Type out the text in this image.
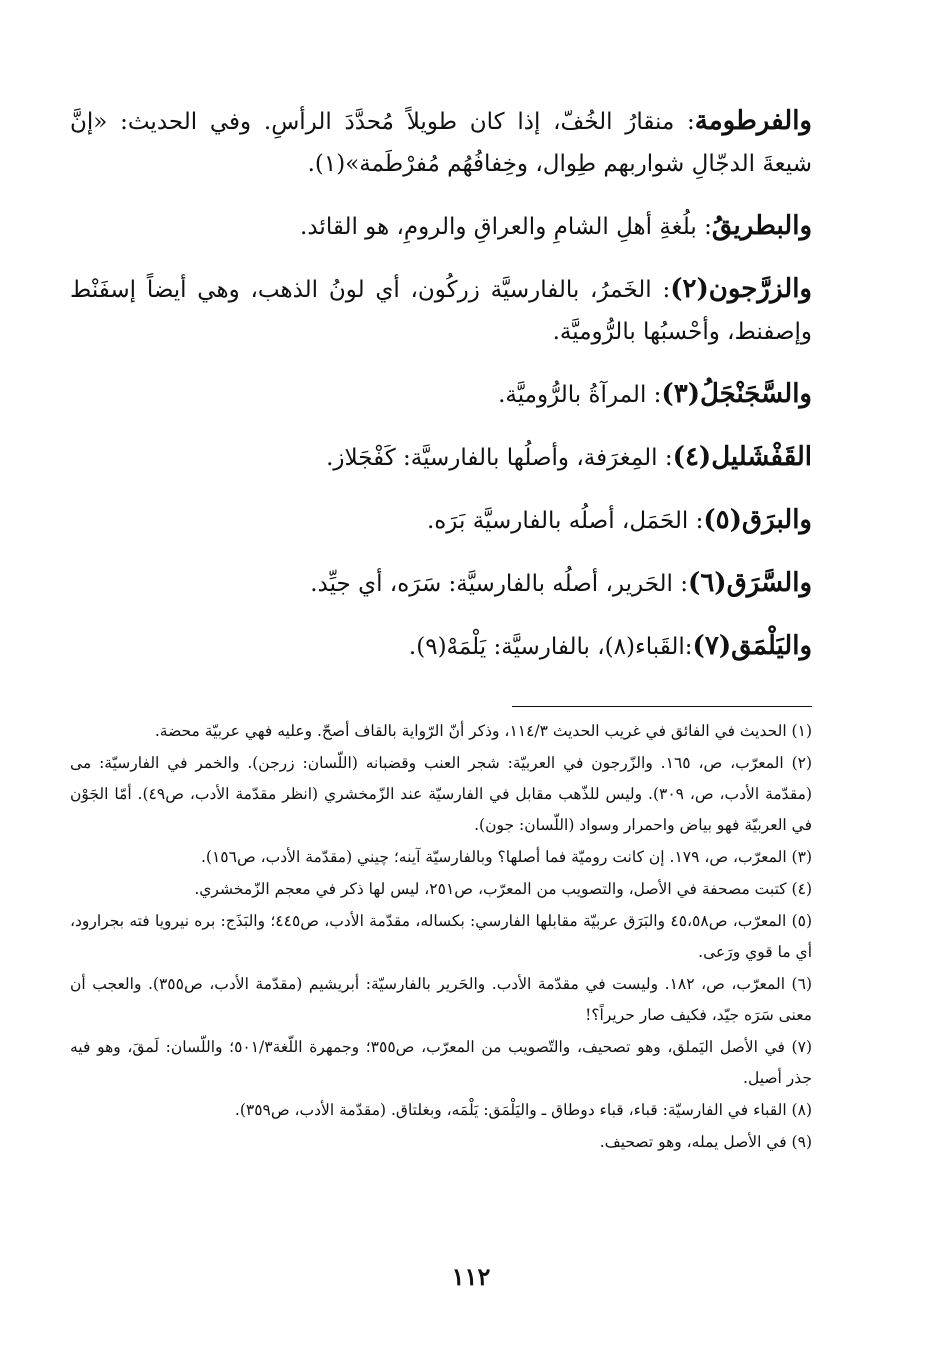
والفرطومة: منقارُ الخُفّ، إذا كان طويلاً مُحدَّدَ الرأسِ. وفي الحديث: «إنَّ شيعةَ الدجّالِ شواربهم طِوال، وخِفافُهُم مُفرْطَمة»(١).

والبطريقُ: بلُغةِ أهلِ الشامِ والعراقِ والرومِ، هو القائد.

والزرَّجون(٢): الخَمرُ، بالفارسيَّة زركُون، أي لونُ الذهب، وهي أيضاً إسفَنْط وإصفنط، وأحْسبُها بالرُّوميَّة.

والسَّجَنْجَلُ(٣): المرآةُ بالرُّوميَّة.

القَفْشَليل(٤): المِغرَفة، وأصلُها بالفارسيَّة: كَفْجَلاز.

والبرَق(٥): الحَمَل، أصلُه بالفارسيَّة بَرَه.

والسَّرَق(٦): الحَرير، أصلُه بالفارسيَّة: سَرَه، أي جيِّد.

واليَلْمَق(٧):القَباء(٨)، بالفارسيَّة: يَلْمَهْ(٩).

(١) الحديث في الفائق في غريب الحديث ١١٤/٣، وذكر أنّ الرّواية بالقاف أصحّ. وعليه فهي عربيّة محضة.

(٢) المعرّب، ص، ١٦٥. والزّرجون في العربيّة: شجر العنب وقضبانه (اللّسان: زرجن). والخمر في الفارسيّة: مى (مقدّمة الأدب، ص، ٣٠٩). وليس للذّهب مقابل في الفارسيّة عند الزّمخشري (انظر مقدّمة الأدب، ص٤٩). أمّا الجَوْن في العربيّة فهو بياض واحمرار وسواد (اللّسان: جون).

(٣) المعرّب، ص، ١٧٩. إن كانت روميّة فما أصلها؟ وبالفارسيّة آينه؛ چيني (مقدّمة الأدب، ص١٥٦).

(٤) كتبت مصحفة في الأصل، والتصويب من المعرّب، ص٢٥١، ليس لها ذكر في معجم الزّمخشري.

(٥) المعرّب، ص٤٥،٥٨ والبَرَق عربيّة مقابلها الفارسي: بكساله، مقدّمة الأدب، ص٤٤٥؛ والبَذَج: بره نيرويا فته بجرارود، أي ما قوي ورَعى.

(٦) المعرّب، ص، ١٨٢. وليست في مقدّمة الأدب. والحَرير بالفارسيّة: أبريشيم (مقدّمة الأدب، ص٣٥٥). والعجب أن معنى سَرَه جيّد، فكيف صار حريراً؟!

(٧) في الأصل اليَملق، وهو تصحيف، والتّصويب من المعرّب، ص٣٥٥؛ وجمهرة اللّغة٥٠١/٣؛ واللّسان: لَمقَ، وهو فيه جذر أصيل.

(٨) القباء في الفارسيّة: قباء، قباء دوطاق ـ واليَلْمَق: يَلْمَه، وبغلتاق. (مقدّمة الأدب، ص٣٥٩).

(٩) في الأصل يمله، وهو تصحيف.

١١٢
